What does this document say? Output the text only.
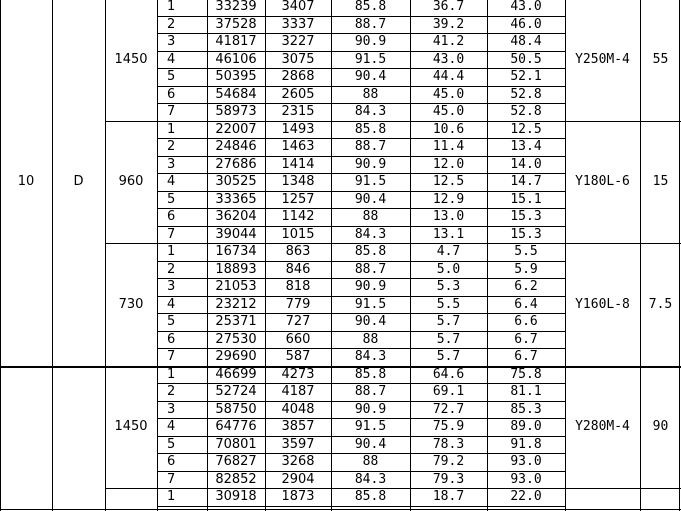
1	33239	3407	85.8	36.7	43.0
2	37528	3337	88.7	39.2	46.0
3	41817	3227	90.9	41.2	48.4
4	46106	3075	91.5	43.0	50.5
5	50395	2868	90.4	44.4	52.1
6	54684	2605	88	45.0	52.8
7	58973	2315	84.3	45.0	52.8
1450	Y250M-4	55
1	22007	1493	85.8	10.6	12.5
2	24846	1463	88.7	11.4	13.4
3	27686	1414	90.9	12.0	14.0
4	30525	1348	91.5	12.5	14.7
5	33365	1257	90.4	12.9	15.1
6	36204	1142	88	13.0	15.3
7	39044	1015	84.3	13.1	15.3
960	Y180L-6	15
1	16734	863	85.8	4.7	5.5
2	18893	846	88.7	5.0	5.9
3	21053	818	90.9	5.3	6.2
4	23212	779	91.5	5.5	6.4
5	25371	727	90.4	5.7	6.6
6	27530	660	88	5.7	6.7
7	29690	587	84.3	5.7	6.7
730	Y160L-8	7.5
10	D
1	46699	4273	85.8	64.6	75.8
2	52724	4187	88.7	69.1	81.1
3	58750	4048	90.9	72.7	85.3
4	64776	3857	91.5	75.9	89.0
5	70801	3597	90.4	78.3	91.8
6	76827	3268	88	79.2	93.0
7	82852	2904	84.3	79.3	93.0
1450	Y280M-4	90
1	30918	1873	85.8	18.7	22.0
